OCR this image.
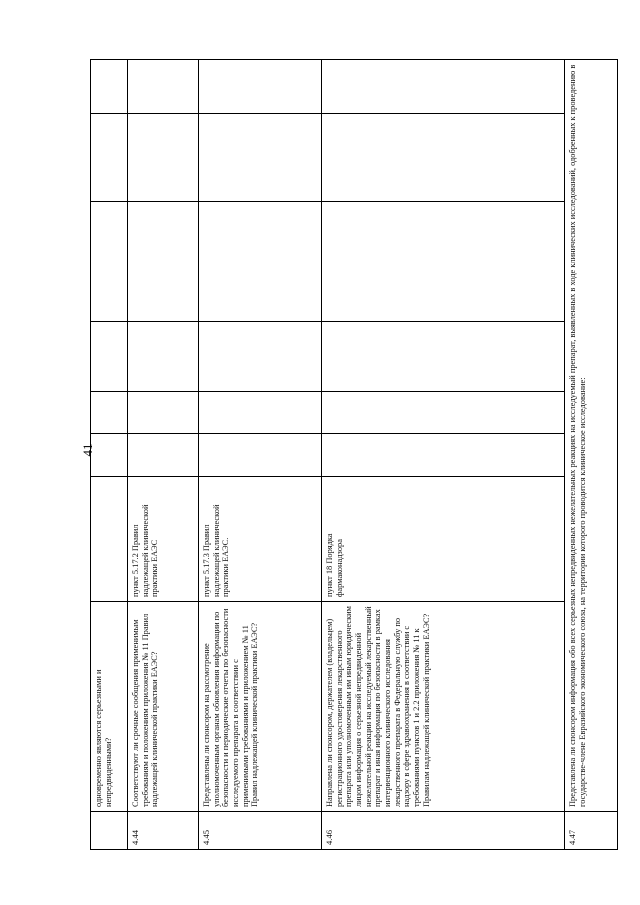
41
	одновременно являются серьезными и непредвиденными?							
4.44	Соответствуют ли срочные сообщения применимым требованиям и положениям приложения № 11 Правил надлежащей клинической практики ЕАЭС?	пункт 5.17.2 Правил надлежащей клинической практики ЕАЭС						
4.45	Представлены ли спонсором на рассмотрение уполномоченным органам обновления информации по безопасности и периодические отчеты по безопасности исследуемого препарата в соответствии с применимыми требованиями и приложением № 11 Правил надлежащей клинической практики ЕАЭС?	пункт 5.17.3 Правил надлежащей клинической практики ЕАЭС.						
4.46	Направлена ли спонсором, держателем (владельцем) регистрационного удостоверения лекарственного препарата или уполномоченным им иным юридическим лицом информация о серьезной непредвиденной нежелательной реакции на исследуемый лекарственный препарат и иная информация по безопасности в рамках интервенционного клинического исследования лекарственного препарата в Федеральную службу по надзору в сфере здравоохранения в соответствии с требованиями пунктов 1 и 2.2 приложения № 11 к Правилам надлежащей клинической практики ЕАЭС?	пункт 18 Порядка фармаконадзора						
4.47	Представлена ли спонсором информация обо всех серьезных непредвиденных нежелательных реакциях на исследуемый препарат, выявленных в ходе клинических исследований, одобренных к проведению в государстве-члене Евразийского экономического союза, на территории которого проводится клиническое исследование:							
